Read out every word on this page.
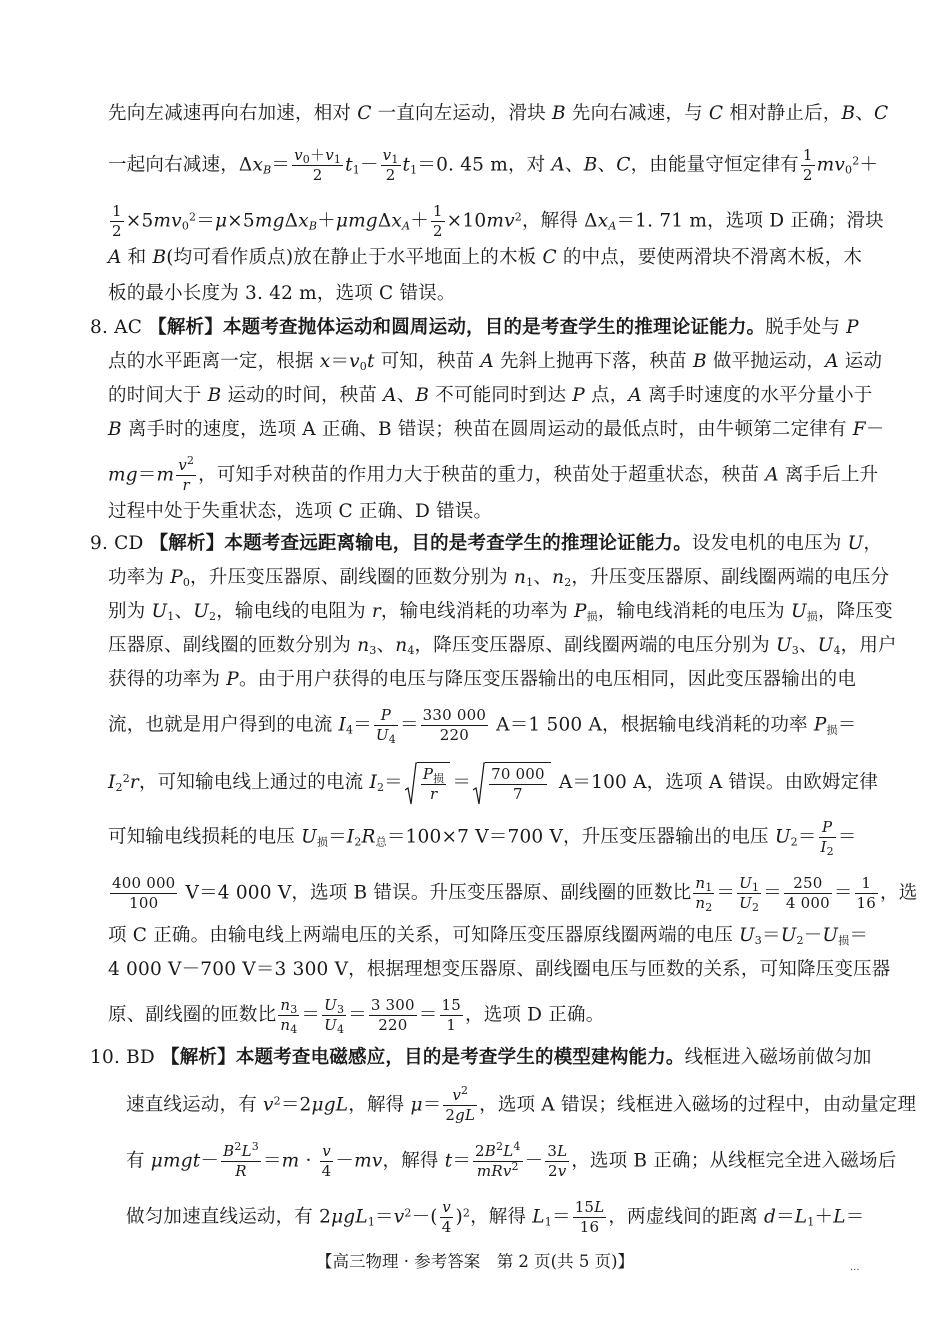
先向左减速再向右加速，相对 C 一直向左运动，滑块 B 先向右减速，与 C 相对静止后，B、C
一起向右减速，$\Delta x_B= \frac{v_0+v_1}{2} t_1- \frac{v_1}{2} t_1=0$. 45 m，对 A、B、C，由能量守恒定律有 $\frac{1}{2} mv_0^2+$
$\frac{1}{2} \times 5mv_0^2=\mu\times 5mg\Delta x_B+\mu mg\Delta x_A+ \frac{1}{2} \times 10mv^2$，解得 $\Delta x_A=1$. 71 m，选项 D 正确；滑块
A 和 B(均可看作质点)放在静止于水平地面上的木板 C 的中点，要使两滑块不滑离木板，木
板的最小长度为 3. 42 m，选项 C 错误。
8. AC 【解析】本题考查抛体运动和圆周运动，目的是考查学生的推理论证能力。脱手处与 P
点的水平距离一定，根据 $x=v_0t$ 可知，秧苗 A 先斜上抛再下落，秧苗 B 做平抛运动，A 运动
的时间大于 B 运动的时间，秧苗 A、B 不可能同时到达 P 点，A 离手时速度的水平分量小于
B 离手时的速度，选项 A 正确、B 错误；秧苗在圆周运动的最低点时，由牛顿第二定律有 F－
$mg=m \frac{v^2}{r}$ ，可知手对秧苗的作用力大于秧苗的重力，秧苗处于超重状态，秧苗 A 离手后上升
过程中处于失重状态，选项 C 正确、D 错误。
9. CD 【解析】本题考查远距离输电，目的是考查学生的推理论证能力。设发电机的电压为 U，
功率为 $P_0$，升压变压器原、副线圈的匝数分别为 $n_1$、$n_2$，升压变压器原、副线圈两端的电压分
别为 $U_1$、$U_2$，输电线的电阻为 r，输电线消耗的功率为 $P_损$，输电线消耗的电压为 $U_损$，降压变
压器原、副线圈的匝数分别为 $n_3$、$n_4$，降压变压器原、副线圈两端的电压分别为 $U_3$、$U_4$，用户
获得的功率为 P。由于用户获得的电压与降压变压器输出的电压相同，因此变压器输出的电
流，也就是用户得到的电流 $I_4= \frac{P}{U_4} = \frac{330 000}{220} A=1$ 500 A，根据输电线消耗的功率 $P_损=$
$I_2^2r$，可知输电线上通过的电流 $I_2= \frac{P_损}{r} = \frac{70 000}{7} A=100$ A，选项 A 错误。由欧姆定律
可知输电线损耗的电压 $U_损=I_2R_总=100\times 7$ V＝700 V，升压变压器输出的电压 $U_2= \frac{P}{I_2}$ ＝
$\frac{400 000}{100} V=4$ 000 V，选项 B 错误。升压变压器原、副线圈的匝数比 $\frac{n_1}{n_2} = \frac{U_1}{U_2} = \frac{250}{4 000} = \frac{1}{16}$ ，选
项 C 正确。由输电线上两端电压的关系，可知降压变压器原线圈两端的电压 $U_3=U_2-U_损=$
4 000 V－700 V＝3 300 V，根据理想变压器原、副线圈电压与匝数的关系，可知降压变压器
原、副线圈的匝数比 $\frac{n_3}{n_4} = \frac{U_3}{U_4} = \frac{3 300}{220} = \frac{15}{1}$ ，选项 D 正确。
10. BD 【解析】本题考查电磁感应，目的是考查学生的模型建构能力。线框进入磁场前做匀加
速直线运动，有 $v^2=2\mu gL$，解得 $\mu= \frac{v^2}{2gL}$ ，选项 A 错误；线框进入磁场的过程中，由动量定理
有 $\mu mgt- \frac{B^2L^3}{R} =m \cdot \frac{v}{4} -mv$，解得 $t= \frac{2B^2L^4}{mRv^2} - \frac{3L}{2v}$ ，选项 B 正确；从线框完全进入磁场后
做匀加速直线运动，有 $2\mu gL_1=v^2-( \frac{v}{4} )^2$，解得 $L_1= \frac{15L}{16}$ ，两虚线间的距离 $d=L_1+L=$
【高三物理 · 参考答案　第 2 页(共 5 页)】	...
